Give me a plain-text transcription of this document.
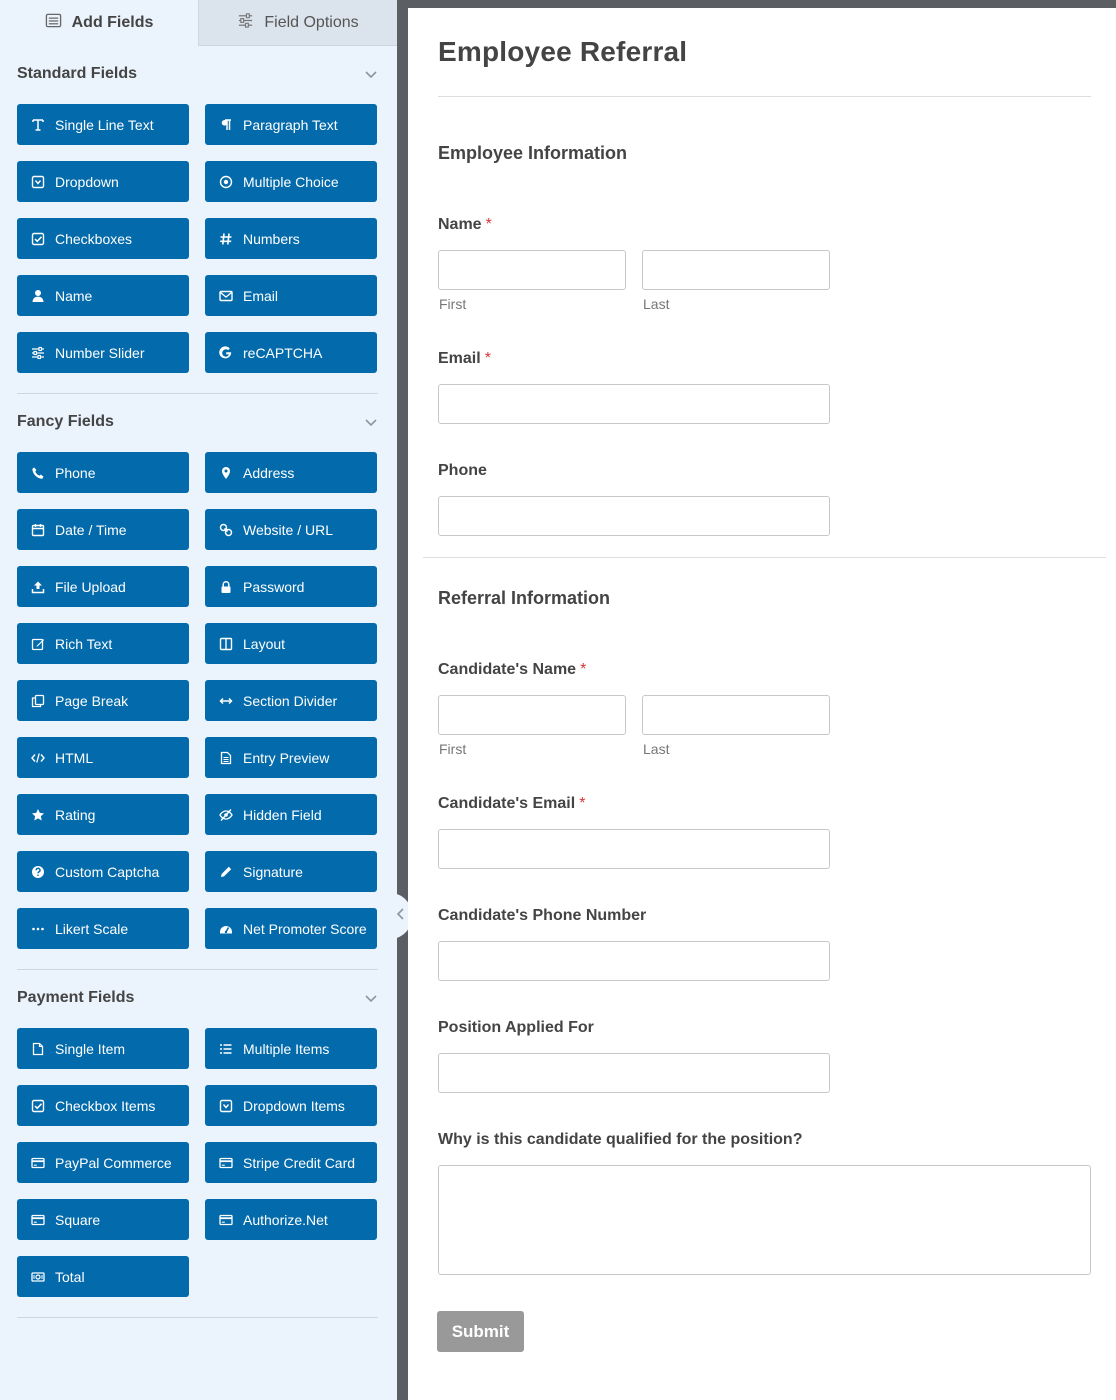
Add Fields	Field Options
Standard Fields
Single Line Text	Paragraph Text
Dropdown	Multiple Choice
Checkboxes	Numbers
Name	Email
Number Slider	reCAPTCHA
Fancy Fields
Phone	Address
Date / Time	Website / URL
File Upload	Password
Rich Text	Layout
Page Break	Section Divider
HTML	Entry Preview
Rating	Hidden Field
Custom Captcha	Signature
Likert Scale	Net Promoter Score
Payment Fields
Single Item	Multiple Items
Checkbox Items	Dropdown Items
PayPal Commerce	Stripe Credit Card
Square	Authorize.Net
Total
Employee Referral
Employee Information
Name *
First	Last
Email *
Phone
Referral Information
Candidate's Name *
First	Last
Candidate's Email *
Candidate's Phone Number
Position Applied For
Why is this candidate qualified for the position?
Submit
